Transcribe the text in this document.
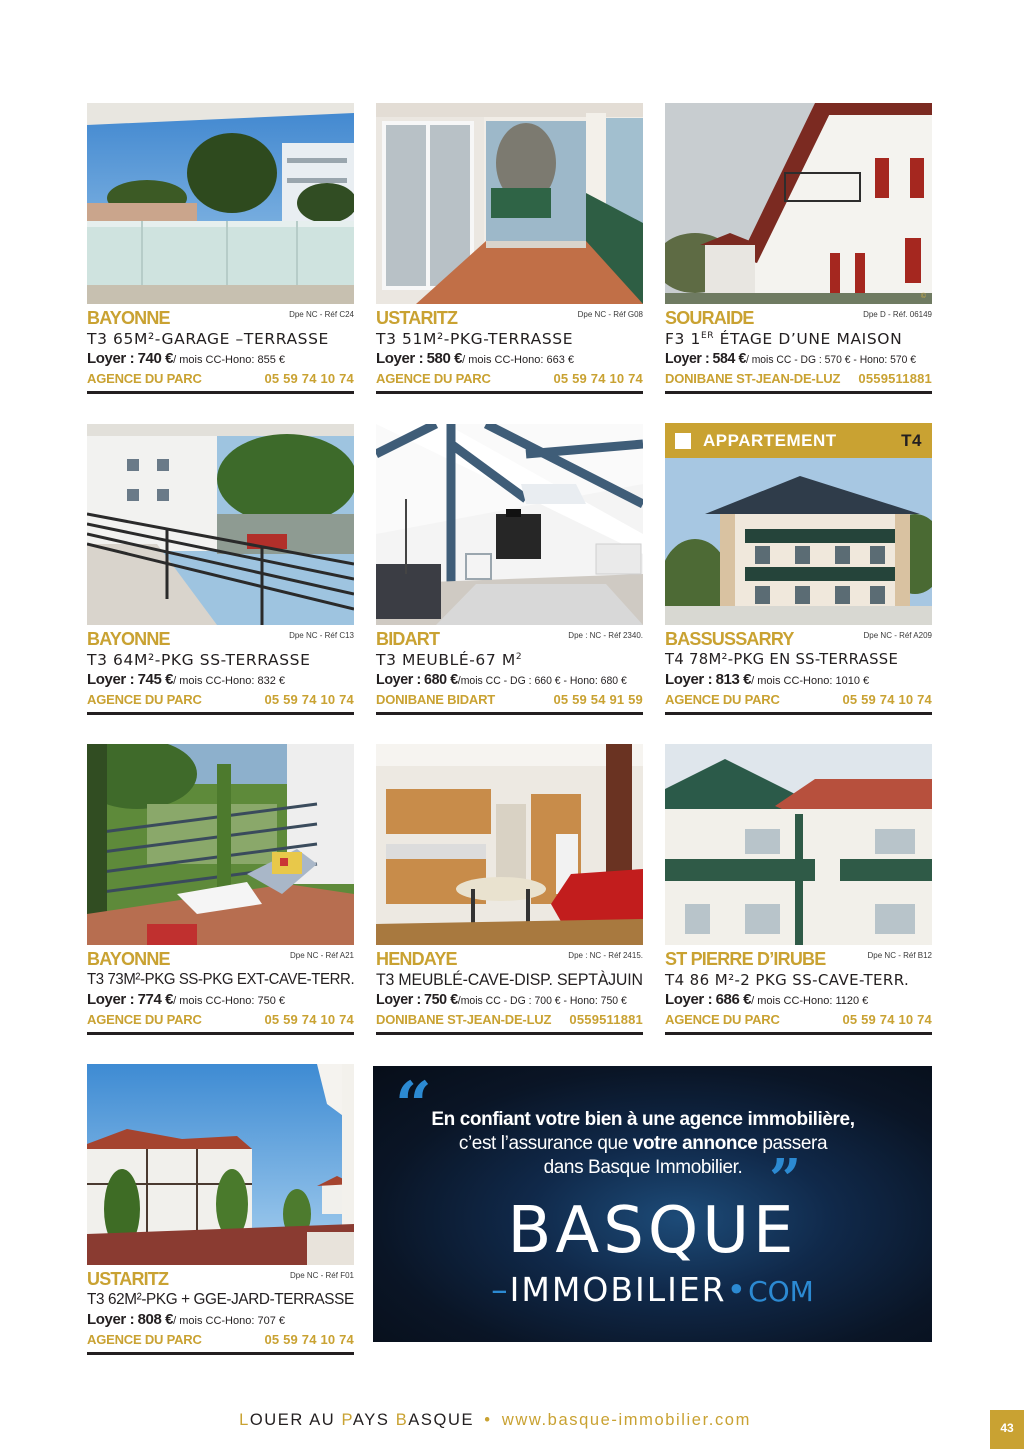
BAYONNE	Dpe NC - Réf C24
T3 65M²-GARAGE –TERRASSE
Loyer : 740 €/ mois CC-Hono: 855 €
AGENCE DU PARC	05 59 74 10 74
USTARITZ	Dpe NC - Réf G08
T3 51M²-PKG-TERRASSE
Loyer : 580 €/ mois CC-Hono: 663 €
AGENCE DU PARC	05 59 74 10 74
©
SOURAIDE	Dpe D - Réf. 06149
F3 1ER ÉTAGE D’UNE MAISON
Loyer : 584 €/ mois CC - DG : 570 € - Hono: 570 €
DONIBANE ST-JEAN-DE-LUZ 0559511881
BAYONNE	Dpe NC - Réf C13
T3 64M²-PKG SS-TERRASSE
Loyer : 745 €/ mois CC-Hono: 832 €
AGENCE DU PARC	05 59 74 10 74
BIDART	Dpe : NC - Réf 2340.
T3 MEUBLÉ-67 $M^2$
Loyer : 680 €/mois CC - DG : 660 € - Hono: 680 €
DONIBANE BIDART	05 59 54 91 59
APPARTEMENT	T4
BASSUSSARRY	Dpe NC - Réf A209
T4 78M²-PKG EN SS-TERRASSE
Loyer : 813 €/ mois CC-Hono: 1010 €
AGENCE DU PARC	05 59 74 10 74
BAYONNE	Dpe NC - Réf A21
T3 73M²-PKG SS-PKG EXT-CAVE-TERR.
Loyer : 774 €/ mois CC-Hono: 750 €
AGENCE DU PARC	05 59 74 10 74
HENDAYE	Dpe : NC - Réf 2415.
T3 MEUBLÉ-CAVE-DISP. SEPTÀJUIN
Loyer : 750 €/mois CC - DG : 700 € - Hono: 750 €
DONIBANE ST-JEAN-DE-LUZ 0559511881
ST PIERRE D’IRUBE	Dpe NC - Réf B12
T4 86 M²-2 PKG SS-CAVE-TERR.
Loyer : 686 €/ mois CC-Hono: 1120 €
AGENCE DU PARC	05 59 74 10 74
USTARITZ	Dpe NC - Réf F01
T3 62M²-PKG + GGE-JARD-TERRASSE
Loyer : 808 €/ mois CC-Hono: 707 €
AGENCE DU PARC	05 59 74 10 74
“ En confiant votre bien à une agence immobilière,
c’est l’assurance que votre annonce passera
dans Basque Immobilier. ”
BASQUE
–IMMOBILIER•COM
LOUER AU PAYS BASQUE • www.basque-immobilier.com	43
